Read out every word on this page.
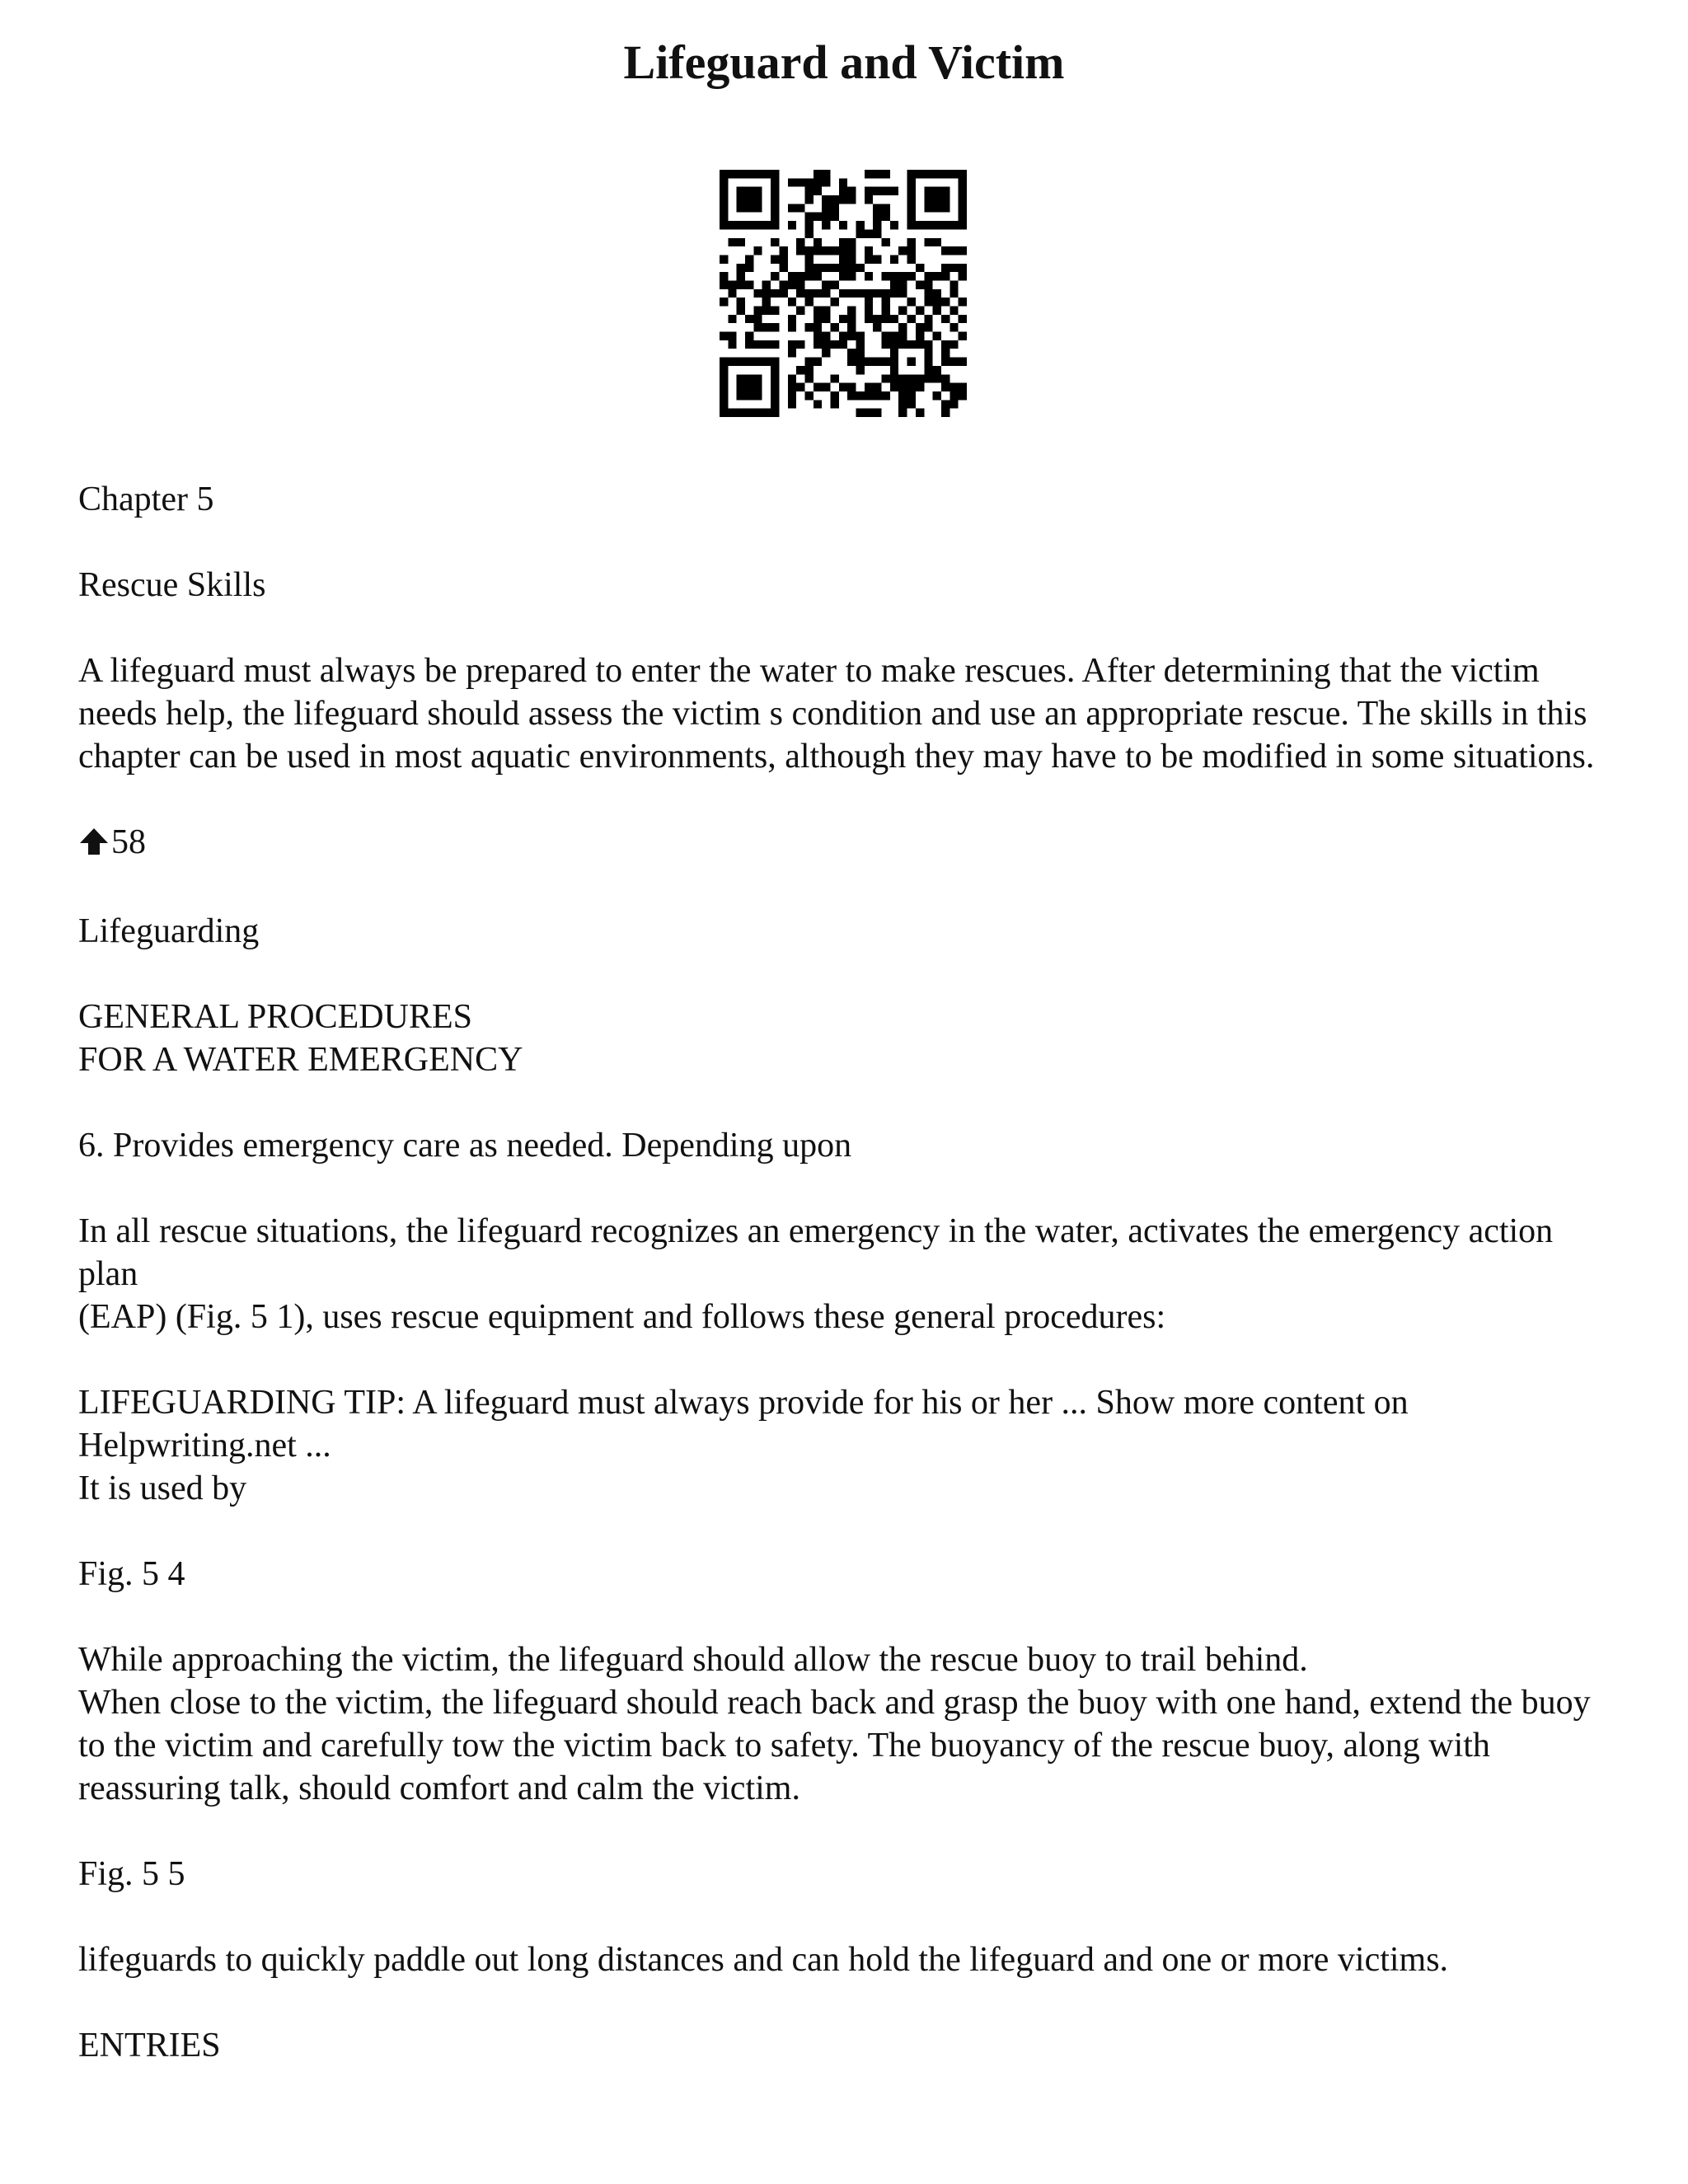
Lifeguard and Victim

Chapter 5

Rescue Skills

A lifeguard must always be prepared to enter the water to make rescues. After determining that the victim needs help, the lifeguard should assess the victim s condition and use an appropriate rescue. The skills in this chapter can be used in most aquatic environments, although they may have to be modified in some situations.

58

Lifeguarding

GENERAL PROCEDURES
FOR A WATER EMERGENCY

6. Provides emergency care as needed. Depending upon

In all rescue situations, the lifeguard recognizes an emergency in the water, activates the emergency action plan
(EAP) (Fig. 5 1), uses rescue equipment and follows these general procedures:

LIFEGUARDING TIP: A lifeguard must always provide for his or her ... Show more content on Helpwriting.net ...
It is used by

Fig. 5 4

While approaching the victim, the lifeguard should allow the rescue buoy to trail behind.
When close to the victim, the lifeguard should reach back and grasp the buoy with one hand, extend the buoy to the victim and carefully tow the victim back to safety. The buoyancy of the rescue buoy, along with reassuring talk, should comfort and calm the victim.

Fig. 5 5

lifeguards to quickly paddle out long distances and can hold the lifeguard and one or more victims.

ENTRIES
